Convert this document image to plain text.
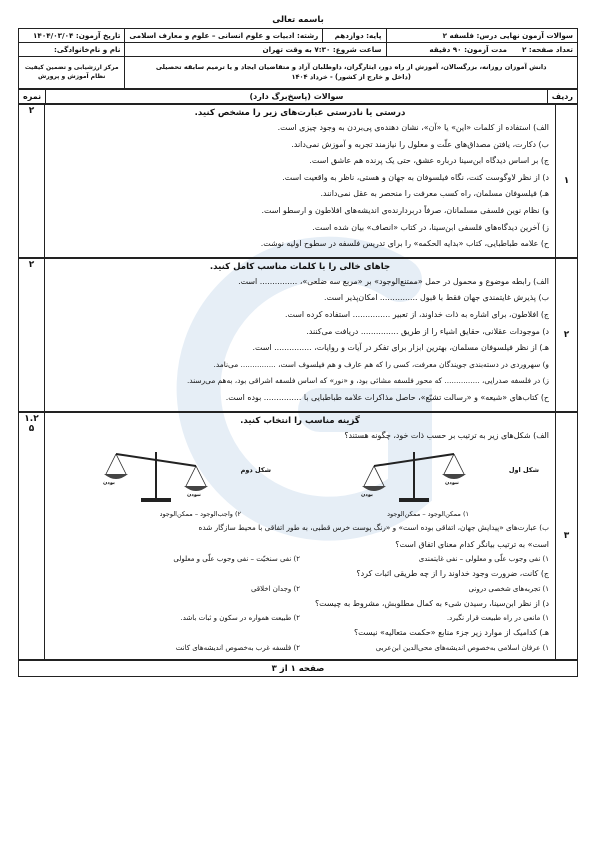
باسمه تعالی
سوالات آزمون نهایی درس: فلسفه ۲	پایه: دوازدهم	رشته: ادبیات و علوم انسانی – علوم و معارف اسلامی	تاریخ آزمون: ۱۴۰۴/۰۳/۰۴
تعداد صفحه: ۲      مدت آزمون: ۹۰ دقیقه	ساعت شروع: ۷:۳۰ به وقت تهران		نام و نام‌خانوادگی:

دانش آموزان روزانه، بزرگسالان، آموزش از راه دور، ایثارگران، داوطلبان آزاد و متقاضیان ایجاد و یا ترمیم سابقه تحصیلی
(داخل و خارج از کشور) - خرداد ۱۴۰۴			مرکز ارزشیابی و تضمین کیفیت نظام آموزش و پرورش
ردیف	سوالات (پاسخ‌برگ دارد)	نمره
۱	
درستی یا نادرستی عبارت‌های زیر را مشخص کنید.
الف) استفاده از کلمات «این» یا «آن»، نشان دهنده‌ی پی‌بردن به وجود چیزی است.
ب) دکارت، یافتن مصداق‌های علّت و معلول را نیازمند تجربه و آموزش نمی‌داند.
ج) بر اساس دیدگاه ابن‌سینا درباره عشق، حتی یک پرنده هم عاشق است.
د) از نظر لاوگوست کنت، نگاه فیلسوفان به جهان و هستی، ناظر به واقعیت است.
هـ) فیلسوفان مسلمان، راه کسب معرفت را منحصر به عقل نمی‌دانند.
و) نظام نوین فلسفی مسلمانان، صرفاً دربردارنده‌ی اندیشه‌های افلاطون و ارسطو است.
ز) آخرین دیدگاه‌های فلسفی ابن‌سینا، در کتاب «انصاف» بیان شده است.
ح) علامه طباطبایی، کتاب «بدایه الحکمه» را برای تدریس فلسفه در سطوح اولیه نوشت.
	۲
۲	
جاهای خالی را با کلمات مناسب کامل کنید.
الف) رابطه موضوع و محمول در حمل «ممتنع‌الوجود» بر «مربع سه ضلعی»، ............... است.
ب) پذیرش غایتمندی جهان فقط با قبول ............... امکان‌پذیر است.
ج) افلاطون، برای اشاره به ذات خداوند، از تعبیر ............... استفاده کرده است.
د) موجودات عقلانی، حقایق اشیاء را از طریق ............... دریافت می‌کنند.
هـ) از نظر فیلسوفان مسلمان، بهترین ابزار برای تفکر در آیات و روایات، ............... است.
و) سهروردی در دسته‌بندی جویندگان معرفت، کسی را که هم عارف و هم فیلسوف است، ............... می‌نامد.
ز) در فلسفه صدرایی، ............... که محور فلسفه مشائی بود، و «نور» که اساس فلسفه اشراقی بود، به‌هم می‌رسند.
ح) کتاب‌های «شیعه» و «رسالت تشیّع»، حاصل مذاکرات علامه طباطبایی با ............... بوده است.
	۲
۳	
گزینه مناسب را انتخاب کنید.
الف) شکل‌های زیر به ترتیب بر حسب ذات خود، چگونه هستند؟
شکل اول
بودن
نبودن
۱) ممکن‌الوجود – ممکن‌الوجود
شکل دوم
بودن
نبودن
۲) واجب‌الوجود – ممکن‌الوجود
ب) عبارت‌های «پیدایش جهان، اتفاقی بوده است» و «رنگ پوست خرس قطبی، به طور اتفاقی با محیط سازگار شده
است» به ترتیب بیانگر کدام معنای اتفاق است؟
۱) نفی وجوب علّی و معلولی – نفی غایتمندی
۲) نفی سنخیّت – نفی وجوب علّی و معلولی
ج) کانت، ضرورت وجود خداوند را از چه طریقی اثبات کرد؟
۱) تجربه‌های شخصی درونی
۲) وجدان اخلاقی
د) از نظر ابن‌سینا، رسیدن شیء به کمال مطلوبش، مشروط به چیست؟
۱) مانعی در راه طبیعت قرار نگیرد.
۲) طبیعت همواره در سکون و ثبات باشد.
هـ) کدامیک از موارد زیر جزء منابع «حکمت متعالیه» نیست؟
۱) عرفان اسلامی به‌خصوص اندیشه‌های محی‌الدین ابن‌عربی
۲) فلسفه غرب به‌خصوص اندیشه‌های کانت

۱.۲
۵
صفحه ۱ از ۳
